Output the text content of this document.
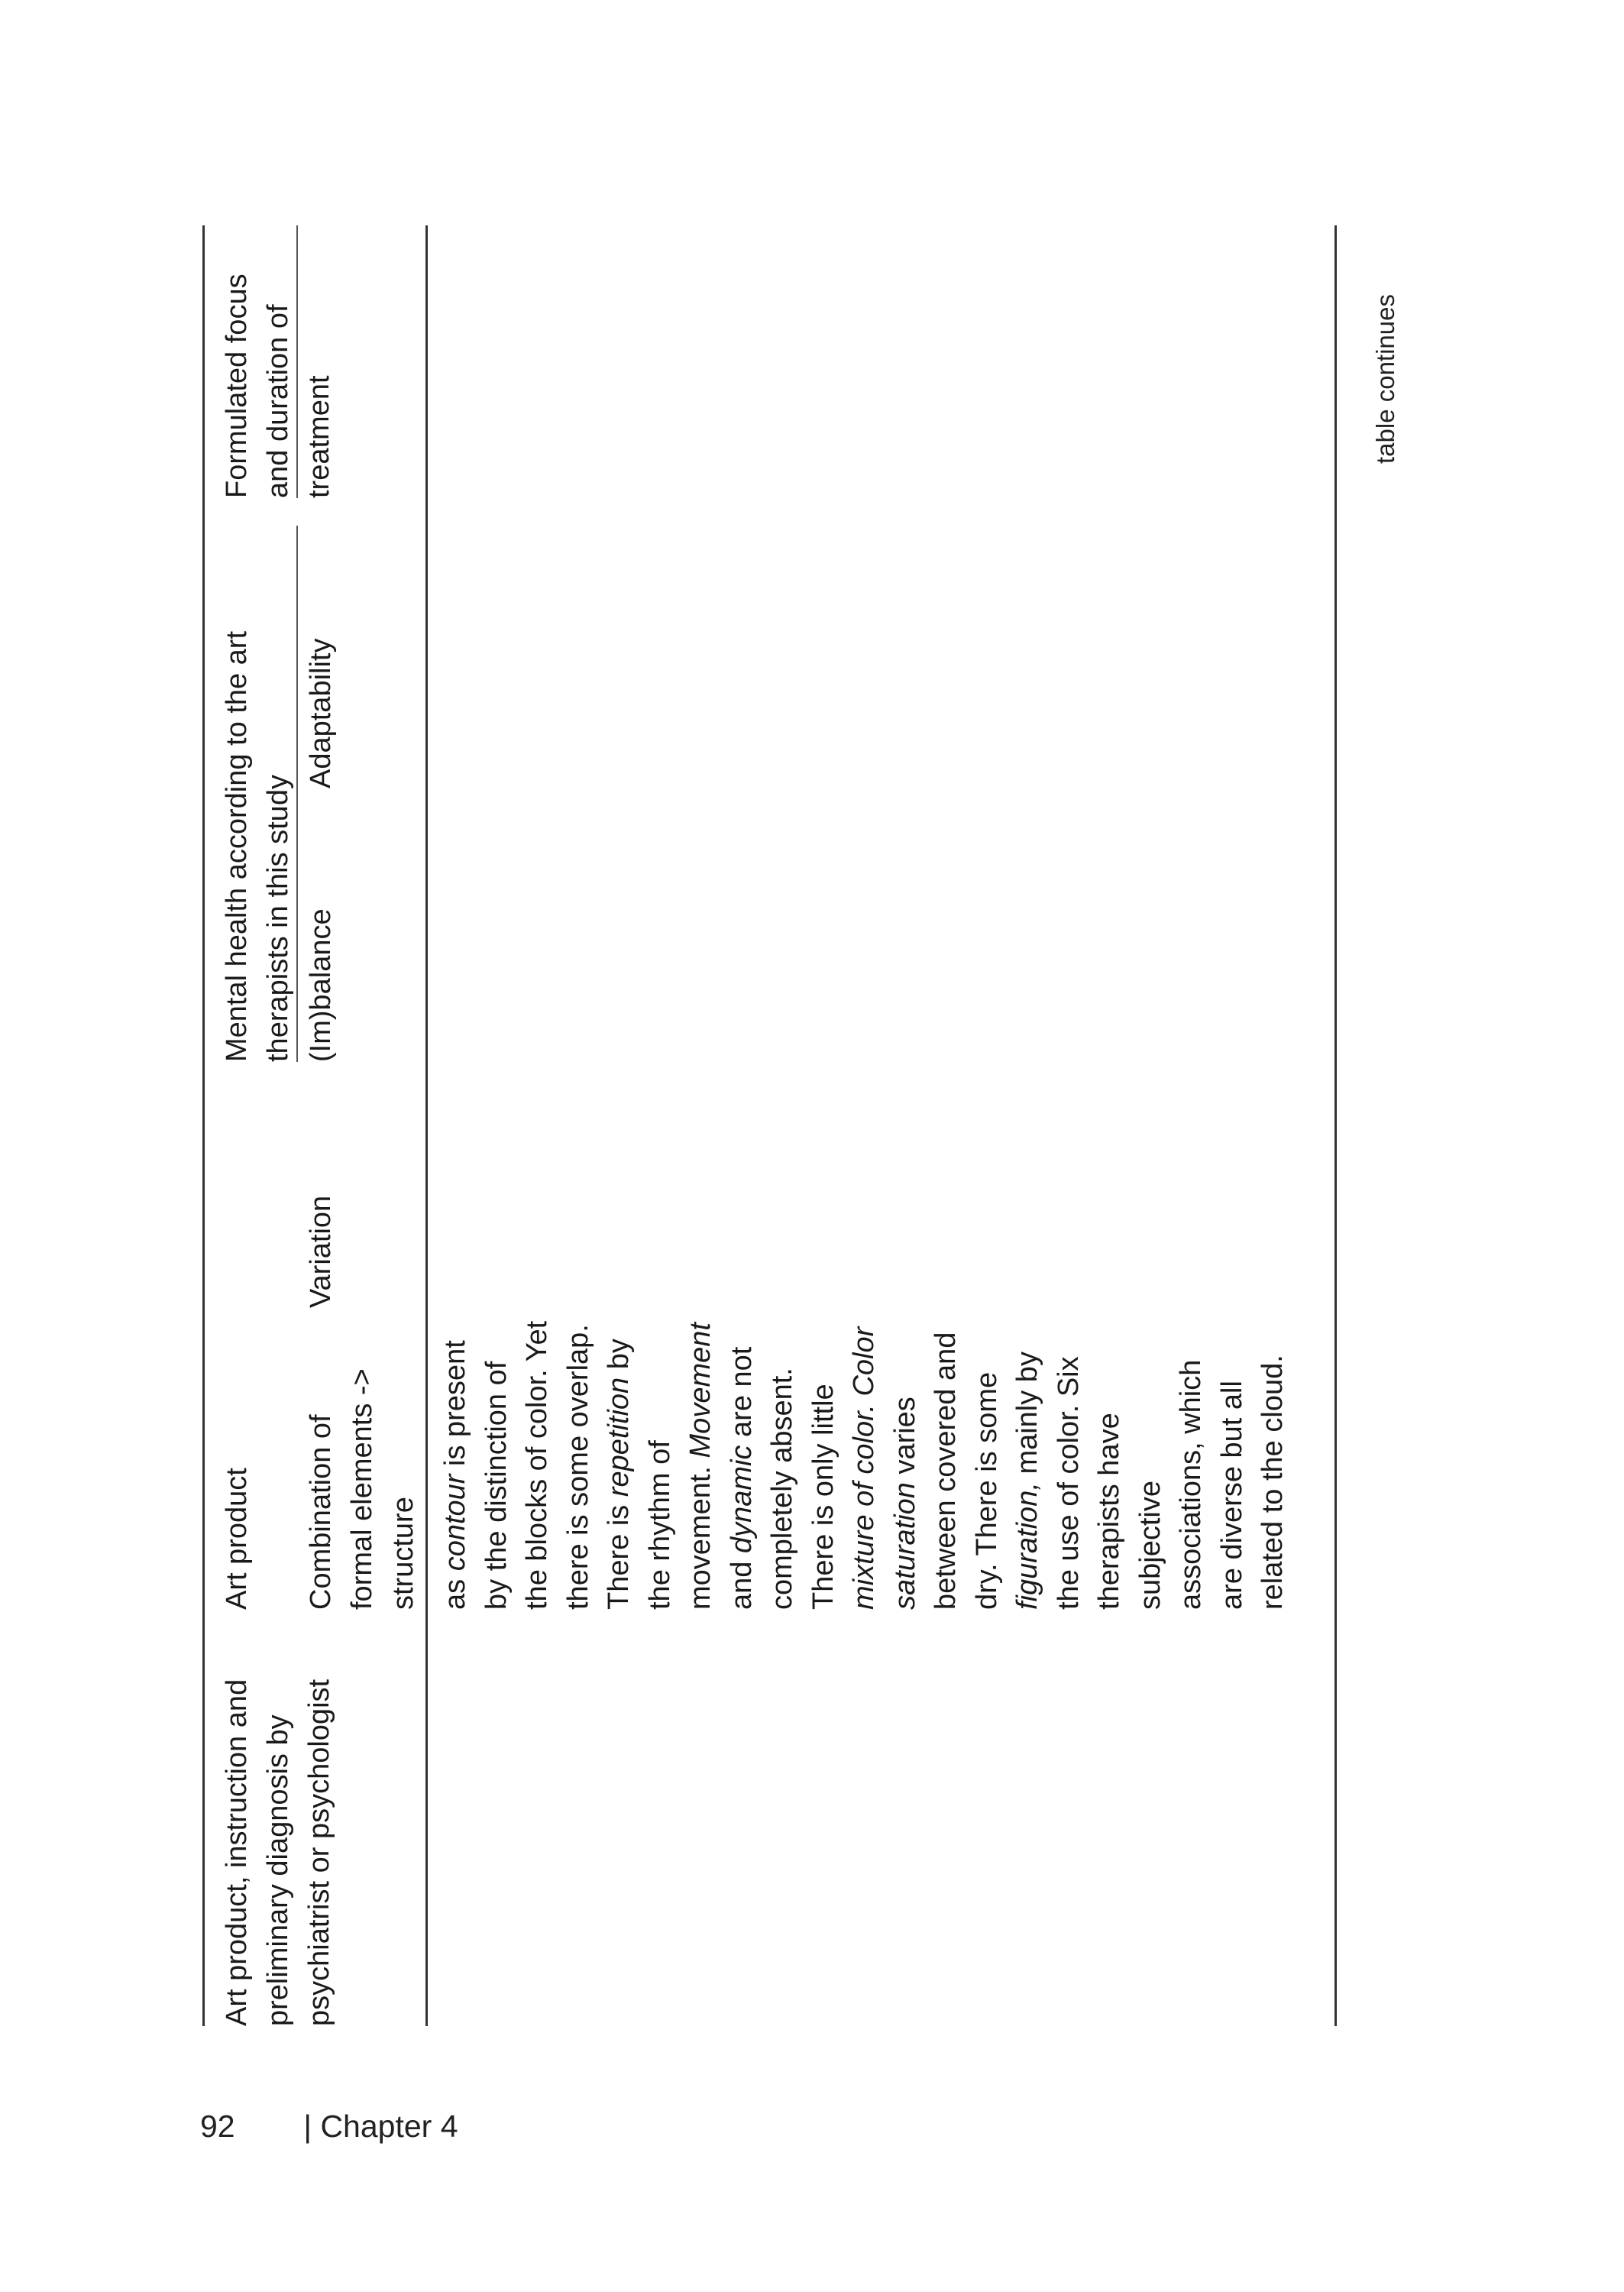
Art product, instruction and preliminary diagnosis by psychiatrist or psychologist
Art product Combination of formal elements -> structure
Variation
Mental health according to the art therapists in this study (Im)balance
Adaptability
Formulated focus and duration of treatment
as contour is present by the distinction of the blocks of color. Yet there is some overlap. There is repetition by the rhythm of movement. Movement and dynamic are not completely absent. There is only little mixture of color. Color saturation varies between covered and dry. There is some figuration, mainly by the use of color. Six therapists have subjective associations, which are diverse but all related to the cloud.
table continues
92 | Chapter 4
